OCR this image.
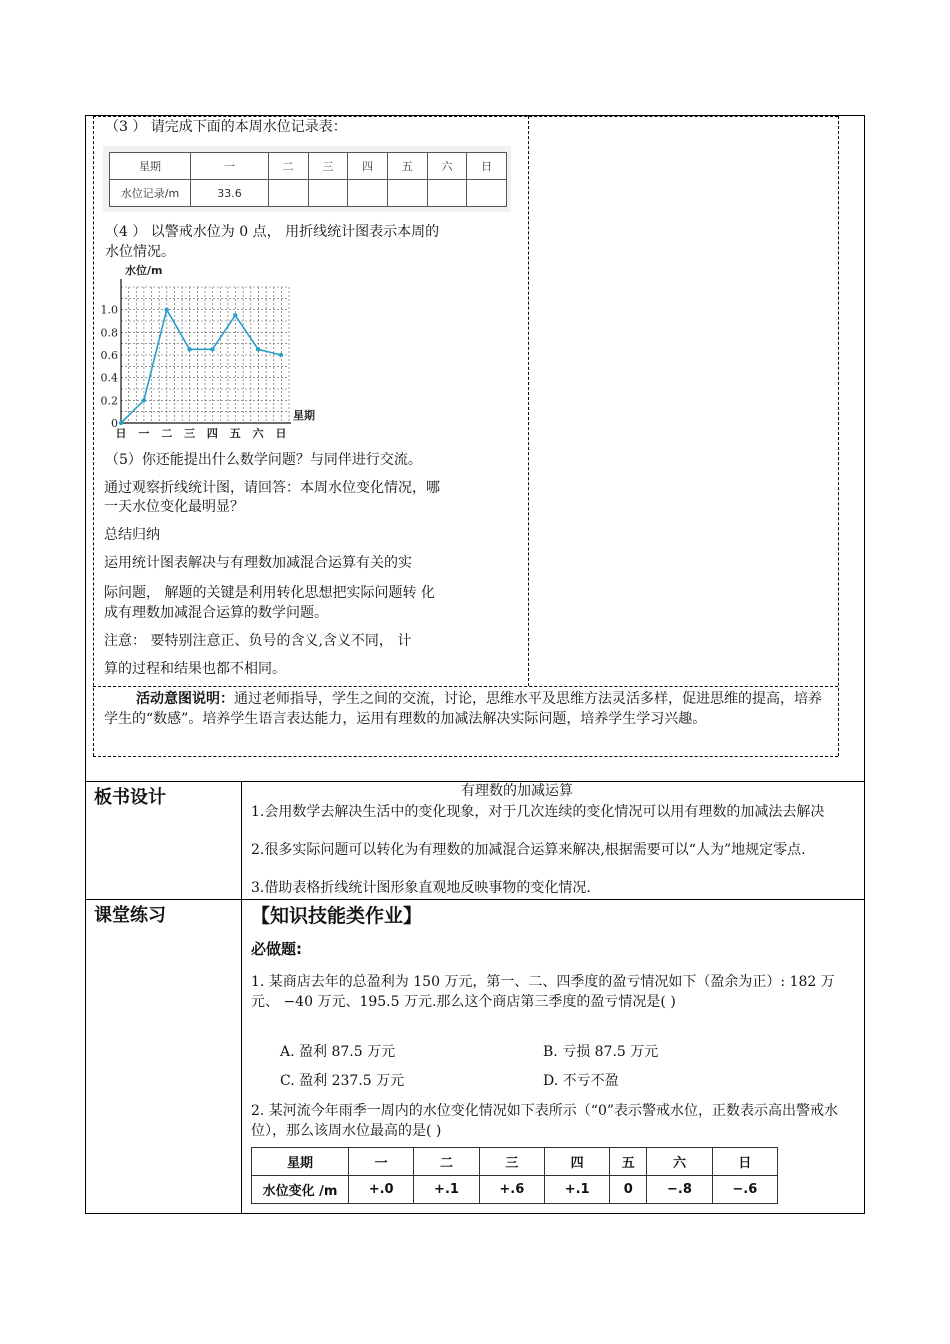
（3 ） 请完成下面的本周水位记录表：
星期	一	二	三	四	五	六	日
水位记录/m	33.6						
（4 ） 以警戒水位为 0 点， 用折线统计图表示本周的
水位情况。
0
0.2
0.4
0.6
0.8
1.0
日 一 二 三 四 五 六 日
水位/m
星期
（5）你还能提出什么数学问题？与同伴进行交流。
通过观察折线统计图，请回答：本周水位变化情况，哪
一天水位变化最明显？
总结归纳
运用统计图表解决与有理数加减混合运算有关的实
际问题， 解题的关键是利用转化思想把实际问题转 化
成有理数加减混合运算的数学问题。
注意： 要特别注意正、负号的含义,含义不同， 计
算的过程和结果也都不相同。
活动意图说明：通过老师指导，学生之间的交流，讨论，思维水平及思维方法灵活多样，促进思维的提高，培养学生的“数感”。培养学生语言表达能力，运用有理数的加减法解决实际问题，培养学生学习兴趣。
板书设计	有理数的加减运算
1.会用数学去解决生活中的变化现象，对于几次连续的变化情况可以用有理数的加减法去解决
2.很多实际问题可以转化为有理数的加减混合运算来解决,根据需要可以“人为”地规定零点.
3.借助表格折线统计图形象直观地反映事物的变化情况.
课堂练习	【知识技能类作业】
必做题:
1. 某商店去年的总盈利为 150 万元，第一、二、四季度的盈亏情况如下（盈余为正）: 182 万元、 −40 万元、195.5 万元.那么这个商店第三季度的盈亏情况是( )
A. 盈利 87.5 万元	B. 亏损 87.5 万元
C. 盈利 237.5 万元	D. 不亏不盈
2. 某河流今年雨季一周内的水位变化情况如下表所示（“0”表示警戒水位，正数表示高出警戒水位），那么该周水位最高的是( )
星期	一	二	三	四	五	六	日
水位变化 /m	+.0	+.1	+.6	+.1	0	−.8	−.6
